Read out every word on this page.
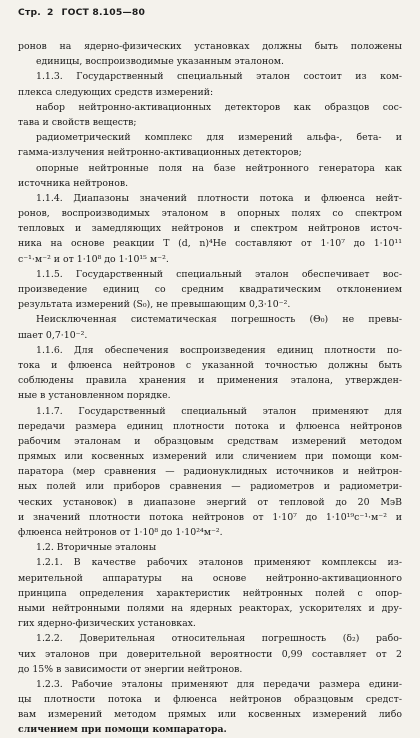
Стр. 2 ГОСТ 8.105—80
ронов на ядерно-физических установках должны быть положены
единицы, воспроизводимые указанным эталоном.
1.1.3. Государственный специальный эталон состоит из ком-
плекса следующих средств измерений:
набор нейтронно-активационных детекторов как образцов сос-
тава и свойств веществ;
радиометрический комплекс для измерений альфа-, бета- и
гамма-излучения нейтронно-активационных детекторов;
опорные нейтронные поля на базе нейтронного генератора как
источника нейтронов.
1.1.4. Диапазоны значений плотности потока и флюенса нейт-
ронов, воспроизводимых эталоном в опорных полях со спектром
тепловых и замедляющих нейтронов и спектром нейтронов источ-
ника на основе реакции T (d, n)⁴He составляют от 1·10⁷ до 1·10¹¹
с⁻¹·м⁻² и от 1·10⁸ до 1·10¹⁵ м⁻².
1.1.5. Государственный специальный эталон обеспечивает вос-
произведение единиц со средним квадратическим отклонением
результата измерений (S₀), не превышающим 0,3·10⁻².
Неисключенная систематическая погрешность (Θ₀) не превы-
шает 0,7·10⁻².
1.1.6. Для обеспечения воспроизведения единиц плотности по-
тока и флюенса нейтронов с указанной точностью должны быть
соблюдены правила хранения и применения эталона, утвержден-
ные в установленном порядке.
1.1.7. Государственный специальный эталон применяют для
передачи размера единиц плотности потока и флюенса нейтронов
рабочим эталонам и образцовым средствам измерений методом
прямых или косвенных измерений или сличением при помощи ком-
паратора (мер сравнения — радионуклидных источников и нейтрон-
ных полей или приборов сравнения — радиометров и радиометри-
ческих установок) в диапазоне энергий от тепловой до 20 МэВ
и значений плотности потока нейтронов от 1·10⁷ до 1·10¹⁹с⁻¹·м⁻² и
флюенса нейтронов от 1·10⁸ до 1·10²⁴м⁻².
1.2. Вторичные эталоны
1.2.1. В качестве рабочих эталонов применяют комплексы из-
мерительной аппаратуры на основе нейтронно-активационного
принципа определения характеристик нейтронных полей с опор-
ными нейтронными полями на ядерных реакторах, ускорителях и дру-
гих ядерно-физических установках.
1.2.2. Доверительная относительная погрешность (δ₂) рабо-
чих эталонов при доверительной вероятности 0,99 составляет от 2
до 15% в зависимости от энергии нейтронов.
1.2.3. Рабочие эталоны применяют для передачи размера едини-
цы плотности потока и флюенса нейтронов образцовым средст-
вам измерений методом прямых или косвенных измерений либо
сличением при помощи компаратора.
